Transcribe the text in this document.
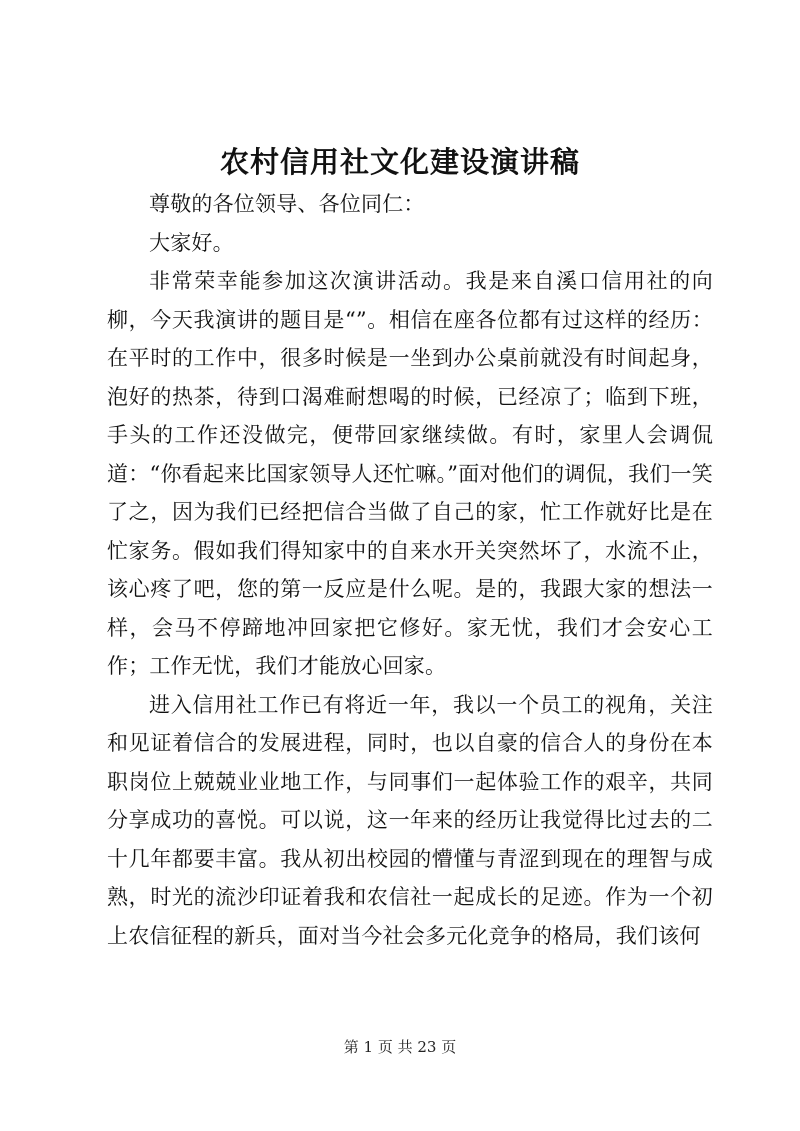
农村信用社文化建设演讲稿

尊敬的各位领导、各位同仁：

大家好。

非常荣幸能参加这次演讲活动。我是来自溪口信用社的向柳，今天我演讲的题目是“”。相信在座各位都有过这样的经历：在平时的工作中，很多时候是一坐到办公桌前就没有时间起身，泡好的热茶，待到口渴难耐想喝的时候，已经凉了；临到下班，手头的工作还没做完，便带回家继续做。有时，家里人会调侃道：“你看起来比国家领导人还忙嘛。”面对他们的调侃，我们一笑了之，因为我们已经把信合当做了自己的家，忙工作就好比是在忙家务。假如我们得知家中的自来水开关突然坏了，水流不止，该心疼了吧，您的第一反应是什么呢。是的，我跟大家的想法一样，会马不停蹄地冲回家把它修好。家无忧，我们才会安心工作；工作无忧，我们才能放心回家。

进入信用社工作已有将近一年，我以一个员工的视角，关注和见证着信合的发展进程，同时，也以自豪的信合人的身份在本职岗位上兢兢业业地工作，与同事们一起体验工作的艰辛，共同分享成功的喜悦。可以说，这一年来的经历让我觉得比过去的二十几年都要丰富。我从初出校园的懵懂与青涩到现在的理智与成熟，时光的流沙印证着我和农信社一起成长的足迹。作为一个初上农信征程的新兵，面对当今社会多元化竞争的格局，我们该何

第 1 页 共 23 页
